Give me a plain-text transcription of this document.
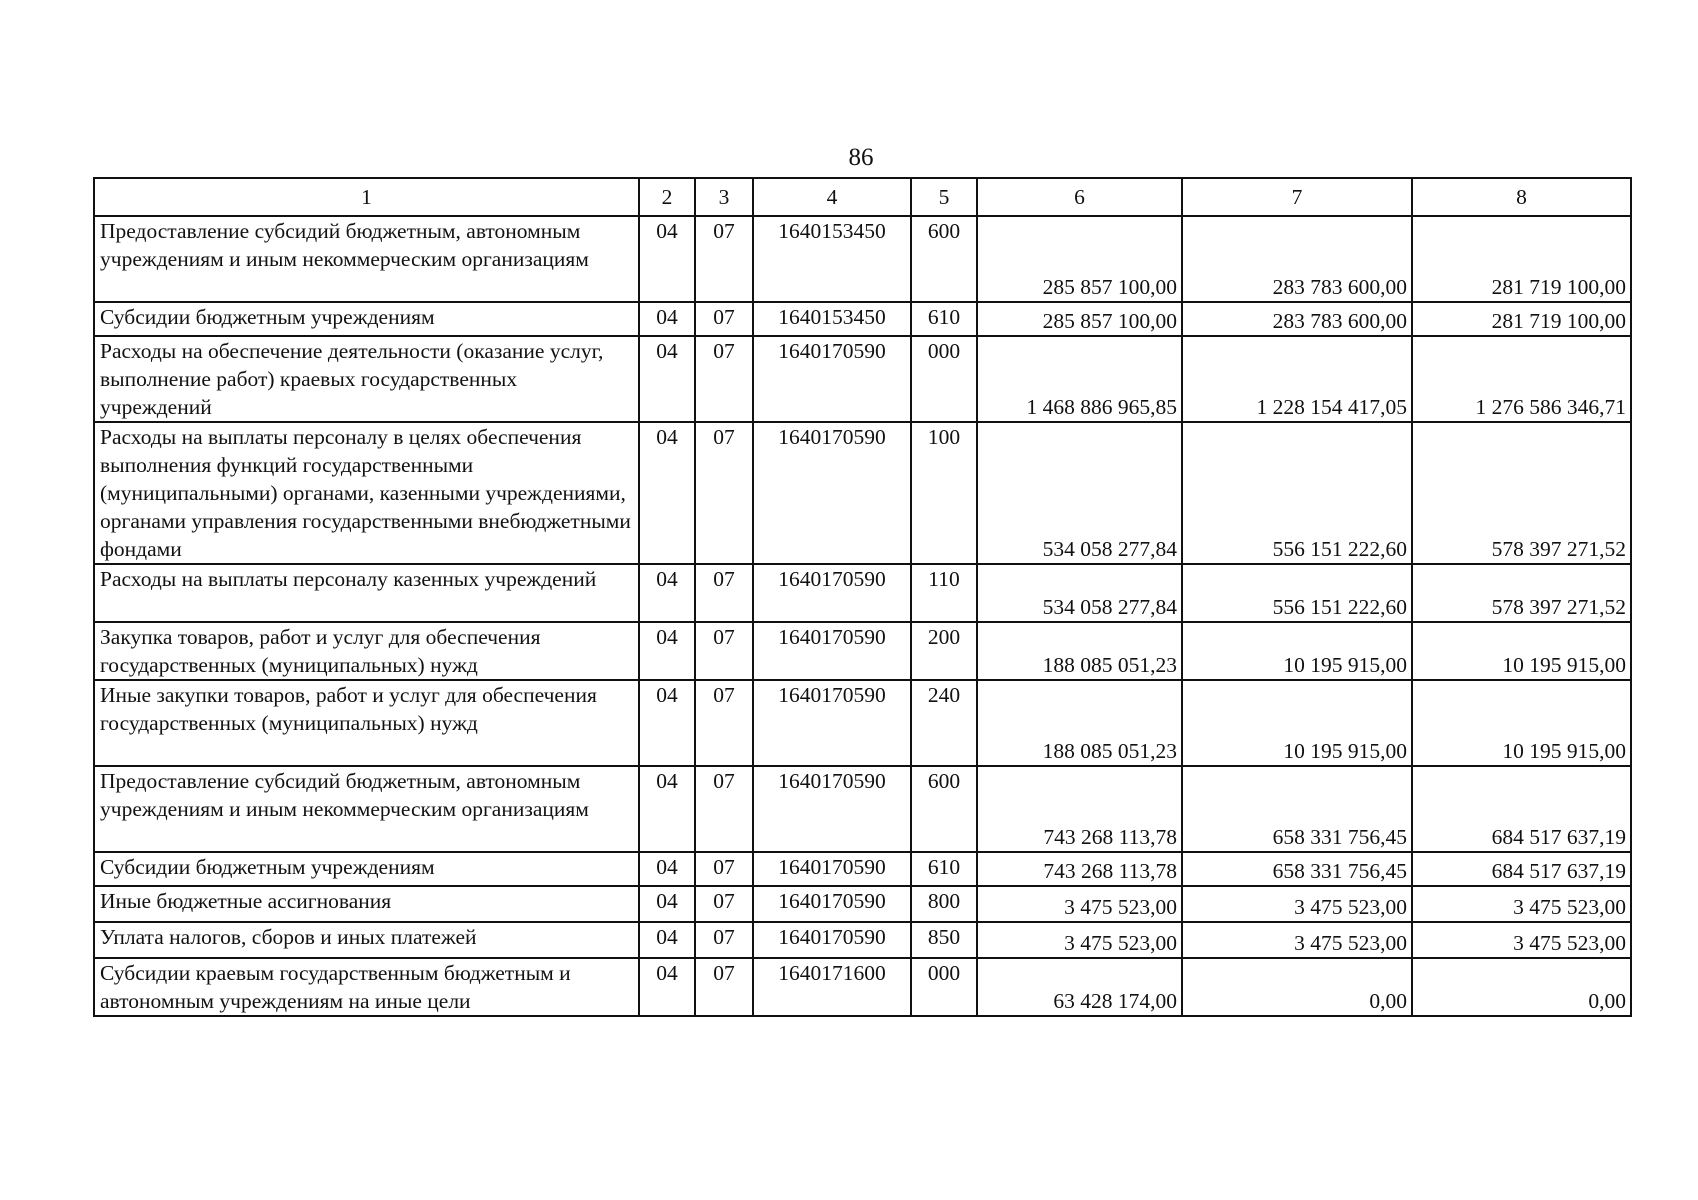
86
1	2	3	4	5	6	7	8
Предоставление субсидий бюджетным, автономным учреждениям и иным некоммерческим организациям	04	07	1640153450	600	285 857 100,00	283 783 600,00	281 719 100,00
Субсидии бюджетным учреждениям	04	07	1640153450	610	285 857 100,00	283 783 600,00	281 719 100,00
Расходы на обеспечение деятельности (оказание услуг, выполнение работ) краевых государственных учреждений	04	07	1640170590	000	1 468 886 965,85	1 228 154 417,05	1 276 586 346,71
Расходы на выплаты персоналу в целях обеспечения выполнения функций государственными (муниципальными) органами, казенными учреждениями, органами управления государственными внебюджетными фондами	04	07	1640170590	100	534 058 277,84	556 151 222,60	578 397 271,52
Расходы на выплаты персоналу казенных учреждений	04	07	1640170590	110	534 058 277,84	556 151 222,60	578 397 271,52
Закупка товаров, работ и услуг для обеспечения государственных (муниципальных) нужд	04	07	1640170590	200	188 085 051,23	10 195 915,00	10 195 915,00
Иные закупки товаров, работ и услуг для обеспечения государственных (муниципальных) нужд	04	07	1640170590	240	188 085 051,23	10 195 915,00	10 195 915,00
Предоставление субсидий бюджетным, автономным учреждениям и иным некоммерческим организациям	04	07	1640170590	600	743 268 113,78	658 331 756,45	684 517 637,19
Субсидии бюджетным учреждениям	04	07	1640170590	610	743 268 113,78	658 331 756,45	684 517 637,19
Иные бюджетные ассигнования	04	07	1640170590	800	3 475 523,00	3 475 523,00	3 475 523,00
Уплата налогов, сборов и иных платежей	04	07	1640170590	850	3 475 523,00	3 475 523,00	3 475 523,00
Субсидии краевым государственным бюджетным и автономным учреждениям на иные цели	04	07	1640171600	000	63 428 174,00	0,00	0,00
